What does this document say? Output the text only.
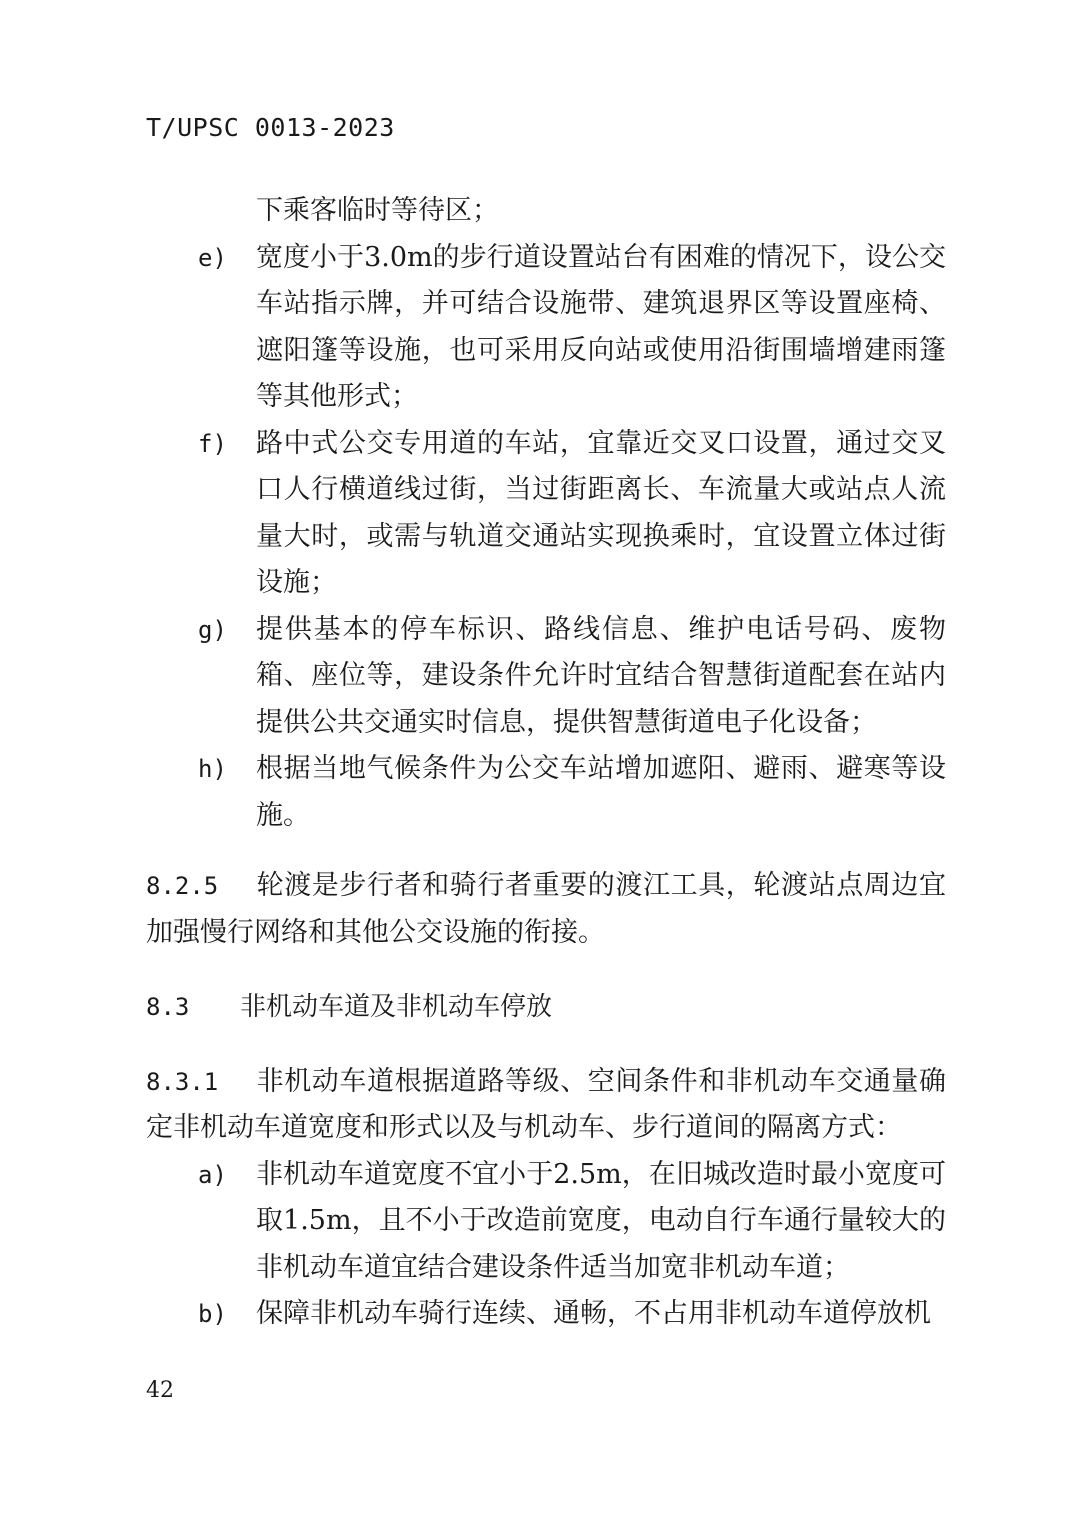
T/UPSC 0013-2023
下乘客临时等待区；
e)	宽度小于3.0m的步行道设置站台有困难的情况下，设公交车站指示牌，并可结合设施带、建筑退界区等设置座椅、遮阳篷等设施，也可采用反向站或使用沿街围墙增建雨篷等其他形式；
f)	路中式公交专用道的车站，宜靠近交叉口设置，通过交叉口人行横道线过街，当过街距离长、车流量大或站点人流量大时，或需与轨道交通站实现换乘时，宜设置立体过街设施；
g)	提供基本的停车标识、路线信息、维护电话号码、废物箱、座位等，建设条件允许时宜结合智慧街道配套在站内提供公共交通实时信息，提供智慧街道电子化设备；
h)	根据当地气候条件为公交车站增加遮阳、避雨、避寒等设施。
8.2.5 轮渡是步行者和骑行者重要的渡江工具，轮渡站点周边宜加强慢行网络和其他公交设施的衔接。
8.3	非机动车道及非机动车停放
8.3.1 非机动车道根据道路等级、空间条件和非机动车交通量确定非机动车道宽度和形式以及与机动车、步行道间的隔离方式：
a)	非机动车道宽度不宜小于2.5m，在旧城改造时最小宽度可取1.5m，且不小于改造前宽度，电动自行车通行量较大的非机动车道宜结合建设条件适当加宽非机动车道；
b)	保障非机动车骑行连续、通畅，不占用非机动车道停放机
42
